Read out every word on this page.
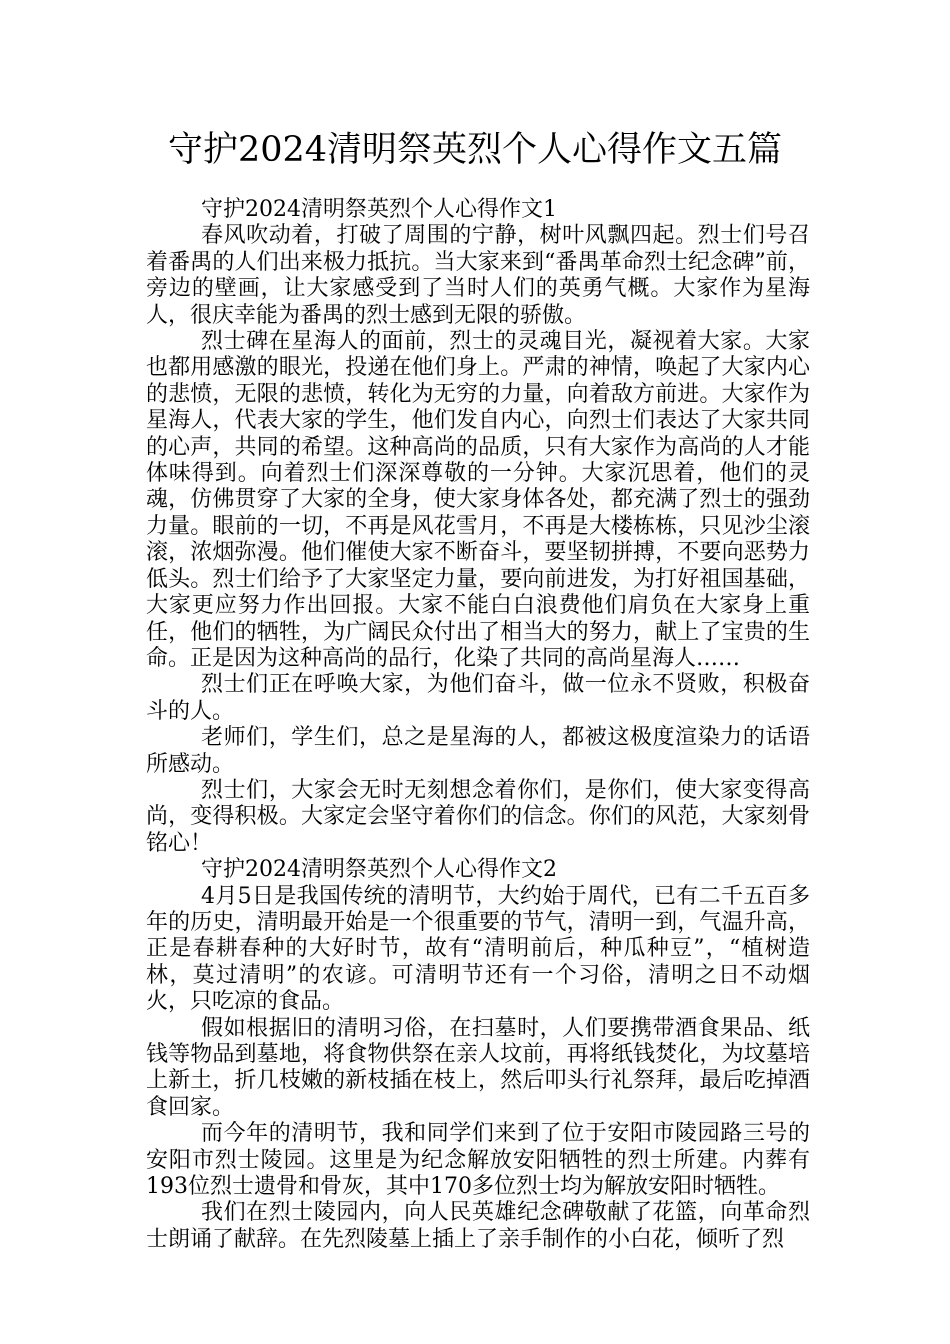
守护2024清明祭英烈个人心得作文五篇

守护2024清明祭英烈个人心得作文1

春风吹动着，打破了周围的宁静，树叶风飘四起。烈士们号召着番禺的人们出来极力抵抗。当大家来到“番禺革命烈士纪念碑”前，旁边的壁画，让大家感受到了当时人们的英勇气概。大家作为星海人，很庆幸能为番禺的烈士感到无限的骄傲。

烈士碑在星海人的面前，烈士的灵魂目光，凝视着大家。大家也都用感激的眼光，投递在他们身上。严肃的神情，唤起了大家内心的悲愤，无限的悲愤，转化为无穷的力量，向着敌方前进。大家作为星海人，代表大家的学生，他们发自内心，向烈士们表达了大家共同的心声，共同的希望。这种高尚的品质，只有大家作为高尚的人才能体味得到。向着烈士们深深尊敬的一分钟。大家沉思着，他们的灵魂，仿佛贯穿了大家的全身，使大家身体各处，都充满了烈士的强劲力量。眼前的一切，不再是风花雪月，不再是大楼栋栋，只见沙尘滚滚，浓烟弥漫。他们催使大家不断奋斗，要坚韧拼搏，不要向恶势力低头。烈士们给予了大家坚定力量，要向前进发，为打好祖国基础，大家更应努力作出回报。大家不能白白浪费他们肩负在大家身上重任，他们的牺牲，为广阔民众付出了相当大的努力，献上了宝贵的生命。正是因为这种高尚的品行，化染了共同的高尚星海人……

烈士们正在呼唤大家，为他们奋斗，做一位永不贤败，积极奋斗的人。

老师们，学生们，总之是星海的人，都被这极度渲染力的话语所感动。

烈士们，大家会无时无刻想念着你们，是你们，使大家变得高尚，变得积极。大家定会坚守着你们的信念。你们的风范，大家刻骨铭心！

守护2024清明祭英烈个人心得作文2

4月5日是我国传统的清明节，大约始于周代，已有二千五百多年的历史，清明最开始是一个很重要的节气，清明一到，气温升高，正是春耕春种的大好时节，故有“清明前后，种瓜种豆”，“植树造林，莫过清明”的农谚。可清明节还有一个习俗，清明之日不动烟火，只吃凉的食品。

假如根据旧的清明习俗，在扫墓时，人们要携带酒食果品、纸钱等物品到墓地，将食物供祭在亲人坟前，再将纸钱焚化，为坟墓培上新土，折几枝嫩的新枝插在枝上，然后叩头行礼祭拜，最后吃掉酒食回家。

而今年的清明节，我和同学们来到了位于安阳市陵园路三号的安阳市烈士陵园。这里是为纪念解放安阳牺牲的烈士所建。内葬有193位烈士遗骨和骨灰，其中170多位烈士均为解放安阳时牺牲。

我们在烈士陵园内，向人民英雄纪念碑敬献了花篮，向革命烈士朗诵了献辞。在先烈陵墓上插上了亲手制作的小白花，倾听了烈
